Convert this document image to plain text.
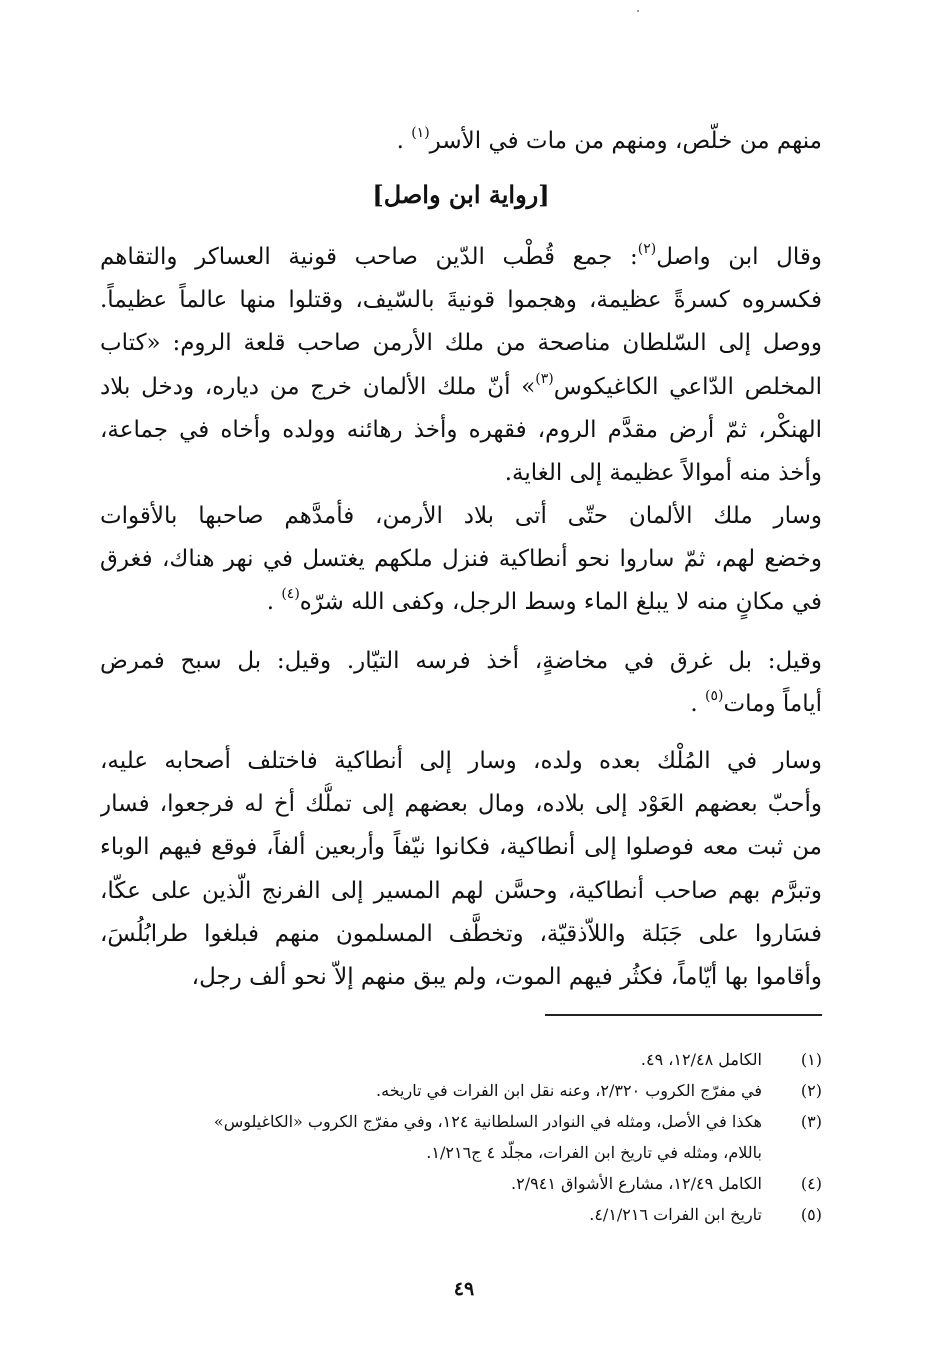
منهم من خلّص، ومنهم من مات في الأسر$^{(١)}$ .
[رواية ابن واصل]
وقال ابن واصل$^{(٢)}$: جمع قُطْب الدّين صاحب قونية العساكر والتقاهم
فكسروه كسرةً عظيمة، وهجموا قونيةَ بالسّيف، وقتلوا منها عالماً عظيماً.
ووصل إلى السّلطان مناصحة من ملك الأرمن صاحب قلعة الروم: «كتاب
المخلص الدّاعي الكاغيكوس$^{(٣)}$» أنّ ملك الألمان خرج من دياره، ودخل بلاد
الهنكْر، ثمّ أرض مقدَّم الروم، فقهره وأخذ رهائنه وولده وأخاه في جماعة،
وأخذ منه أموالاً عظيمة إلى الغاية.
وسار ملك الألمان حتّى أتى بلاد الأرمن، فأمدَّهم صاحبها بالأقوات
وخضع لهم، ثمّ ساروا نحو أنطاكية فنزل ملكهم يغتسل في نهر هناك، فغرق
في مكانٍ منه لا يبلغ الماء وسط الرجل، وكفى الله شرّه$^{(٤)}$ .
وقيل: بل غرق في مخاضةٍ، أخذ فرسه التيّار. وقيل: بل سبح فمرض
أياماً ومات$^{(٥)}$ .
وسار في المُلْك بعده ولده، وسار إلى أنطاكية فاختلف أصحابه عليه،
وأحبّ بعضهم العَوْد إلى بلاده، ومال بعضهم إلى تملُّك أخ له فرجعوا، فسار
من ثبت معه فوصلوا إلى أنطاكية، فكانوا نيّفاً وأربعين ألفاً، فوقع فيهم الوباء
وتبرَّم بهم صاحب أنطاكية، وحسَّن لهم المسير إلى الفرنج الّذين على عكّا،
فسَاروا على جَبَلة واللاّذقيّة، وتخطَّف المسلمون منهم فبلغوا طرابُلُسَ،
وأقاموا بها أيّاماً، فكثُر فيهم الموت، ولم يبق منهم إلاّ نحو ألف رجل،
(١)
الكامل ١٢/٤٨، ٤٩.
(٢)
في مفرّج الكروب ٢/٣٢٠، وعنه نقل ابن الفرات في تاريخه.
(٣)
هكذا في الأصل، ومثله في النوادر السلطانية ١٢٤، وفي مفرّج الكروب «الكاغيلوس»
باللام، ومثله في تاريخ ابن الفرات، مجلّد ٤ ج١/٢١٦.
(٤)
الكامل ١٢/٤٩، مشارع الأشواق ٢/٩٤١.
(٥)
تاريخ ابن الفرات ٤/١/٢١٦.
٤٩
